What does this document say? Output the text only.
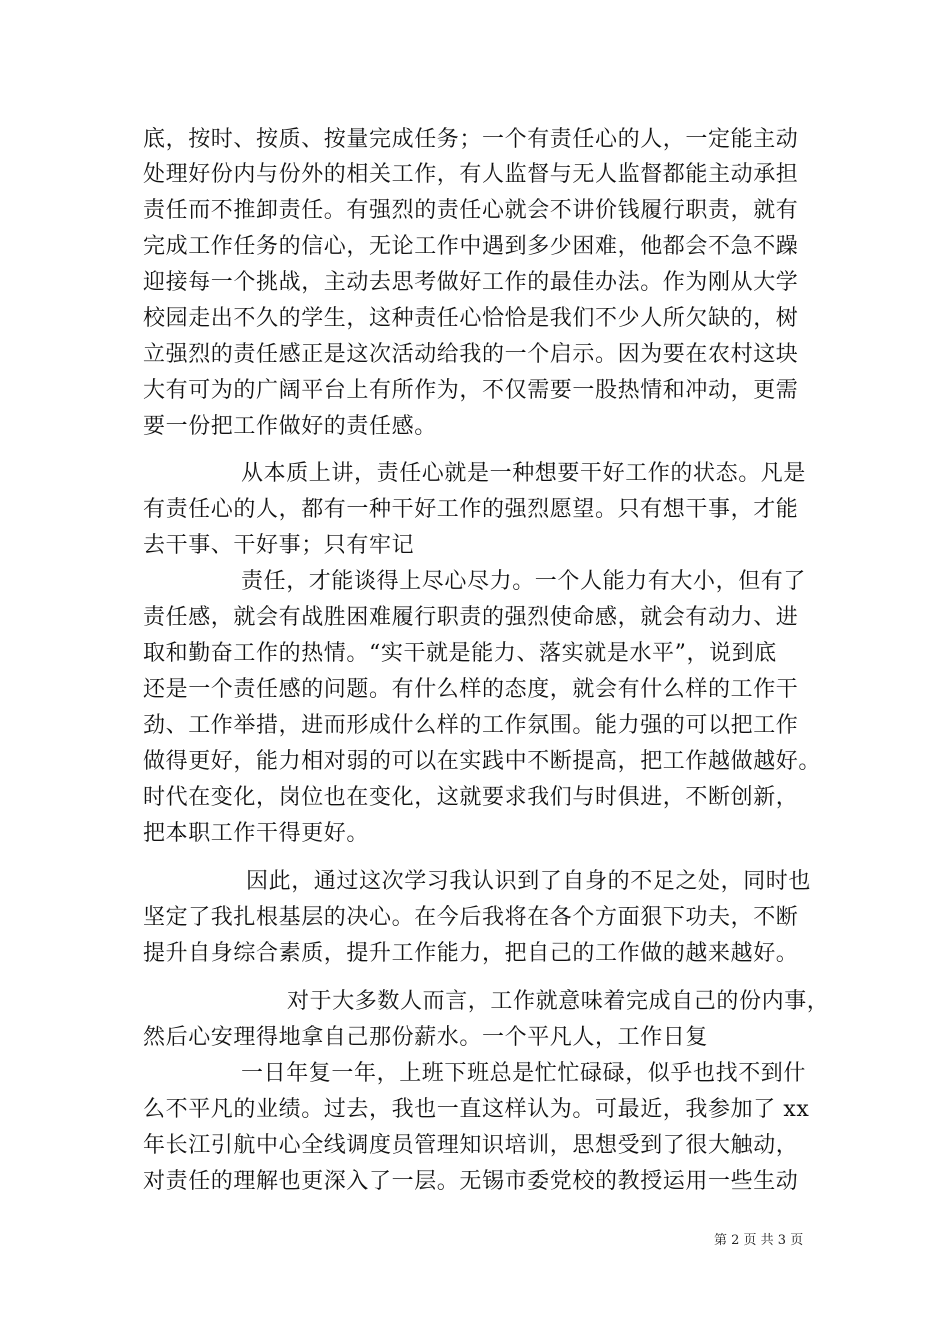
底，按时、按质、按量完成任务；一个有责任心的人，一定能主动
处理好份内与份外的相关工作，有人监督与无人监督都能主动承担
责任而不推卸责任。有强烈的责任心就会不讲价钱履行职责，就有
完成工作任务的信心，无论工作中遇到多少困难，他都会不急不躁
迎接每一个挑战，主动去思考做好工作的最佳办法。作为刚从大学
校园走出不久的学生，这种责任心恰恰是我们不少人所欠缺的，树
立强烈的责任感正是这次活动给我的一个启示。因为要在农村这块
大有可为的广阔平台上有所作为，不仅需要一股热情和冲动，更需
要一份把工作做好的责任感。
从本质上讲，责任心就是一种想要干好工作的状态。凡是
有责任心的人，都有一种干好工作的强烈愿望。只有想干事，才能
去干事、干好事；只有牢记
责任，才能谈得上尽心尽力。一个人能力有大小，但有了
责任感，就会有战胜困难履行职责的强烈使命感，就会有动力、进
取和勤奋工作的热情。“实干就是能力、落实就是水平”，说到底
还是一个责任感的问题。有什么样的态度，就会有什么样的工作干
劲、工作举措，进而形成什么样的工作氛围。能力强的可以把工作
做得更好，能力相对弱的可以在实践中不断提高，把工作越做越好。
时代在变化，岗位也在变化，这就要求我们与时俱进，不断创新，
把本职工作干得更好。
因此，通过这次学习我认识到了自身的不足之处，同时也
坚定了我扎根基层的决心。在今后我将在各个方面狠下功夫，不断
提升自身综合素质，提升工作能力，把自己的工作做的越来越好。
对于大多数人而言，工作就意味着完成自己的份内事，
然后心安理得地拿自己那份薪水。一个平凡人，工作日复
一日年复一年，上班下班总是忙忙碌碌，似乎也找不到什
么不平凡的业绩。过去，我也一直这样认为。可最近，我参加了 xx
年长江引航中心全线调度员管理知识培训，思想受到了很大触动，
对责任的理解也更深入了一层。无锡市委党校的教授运用一些生动
第 2 页 共 3 页
